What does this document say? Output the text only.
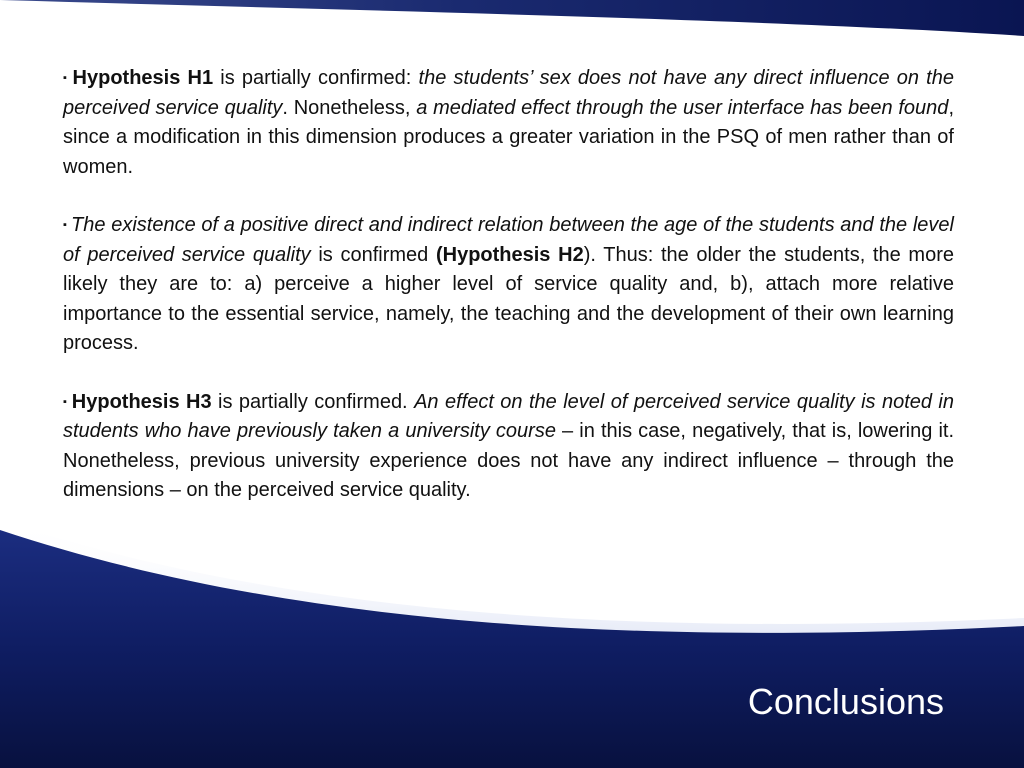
▪ Hypothesis H1 is partially confirmed: the students’ sex does not have any direct influence on the perceived service quality. Nonetheless, a mediated effect through the user interface has been found, since a modification in this dimension produces a greater variation in the PSQ of men rather than of women.

▪ The existence of a positive direct and indirect relation between the age of the students and the level of perceived service quality is confirmed (Hypothesis H2). Thus: the older the students, the more likely they are to: a) perceive a higher level of service quality and, b), attach more relative importance to the essential service, namely, the teaching and the development of their own learning process.

▪ Hypothesis H3 is partially confirmed. An effect on the level of perceived service quality is noted in students who have previously taken a university course – in this case, negatively, that is, lowering it. Nonetheless, previous university experience does not have any indirect influence – through the dimensions – on the perceived service quality.

Conclusions
